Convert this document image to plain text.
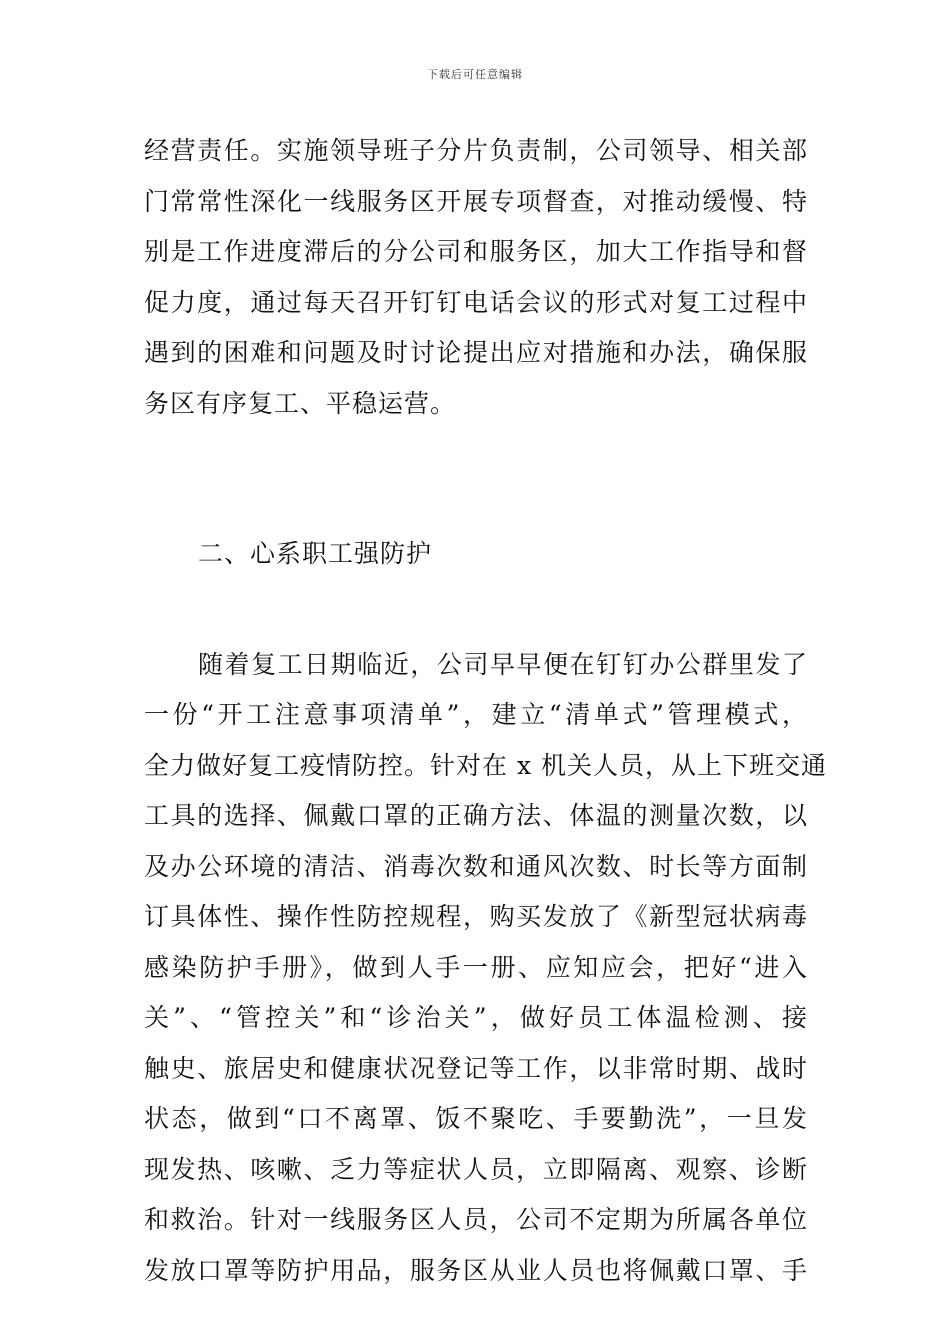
下载后可任意编辑
经营责任。实施领导班子分片负责制，公司领导、相关部
门常常性深化一线服务区开展专项督查，对推动缓慢、特
别是工作进度滞后的分公司和服务区，加大工作指导和督
促力度，通过每天召开钉钉电话会议的形式对复工过程中
遇到的困难和问题及时讨论提出应对措施和办法，确保服
务区有序复工、平稳运营。
二、心系职工强防护
随着复工日期临近，公司早早便在钉钉办公群里发了
一份“开工注意事项清单”，建立“清单式”管理模式，
全力做好复工疫情防控。针对在 x 机关人员，从上下班交通
工具的选择、佩戴口罩的正确方法、体温的测量次数，以
及办公环境的清洁、消毒次数和通风次数、时长等方面制
订具体性、操作性防控规程，购买发放了《新型冠状病毒
感染防护手册》，做到人手一册、应知应会，把好“进入
关”、“管控关”和“诊治关”，做好员工体温检测、接
触史、旅居史和健康状况登记等工作，以非常时期、战时
状态，做到“口不离罩、饭不聚吃、手要勤洗”，一旦发
现发热、咳嗽、乏力等症状人员，立即隔离、观察、诊断
和救治。针对一线服务区人员，公司不定期为所属各单位
发放口罩等防护用品，服务区从业人员也将佩戴口罩、手
